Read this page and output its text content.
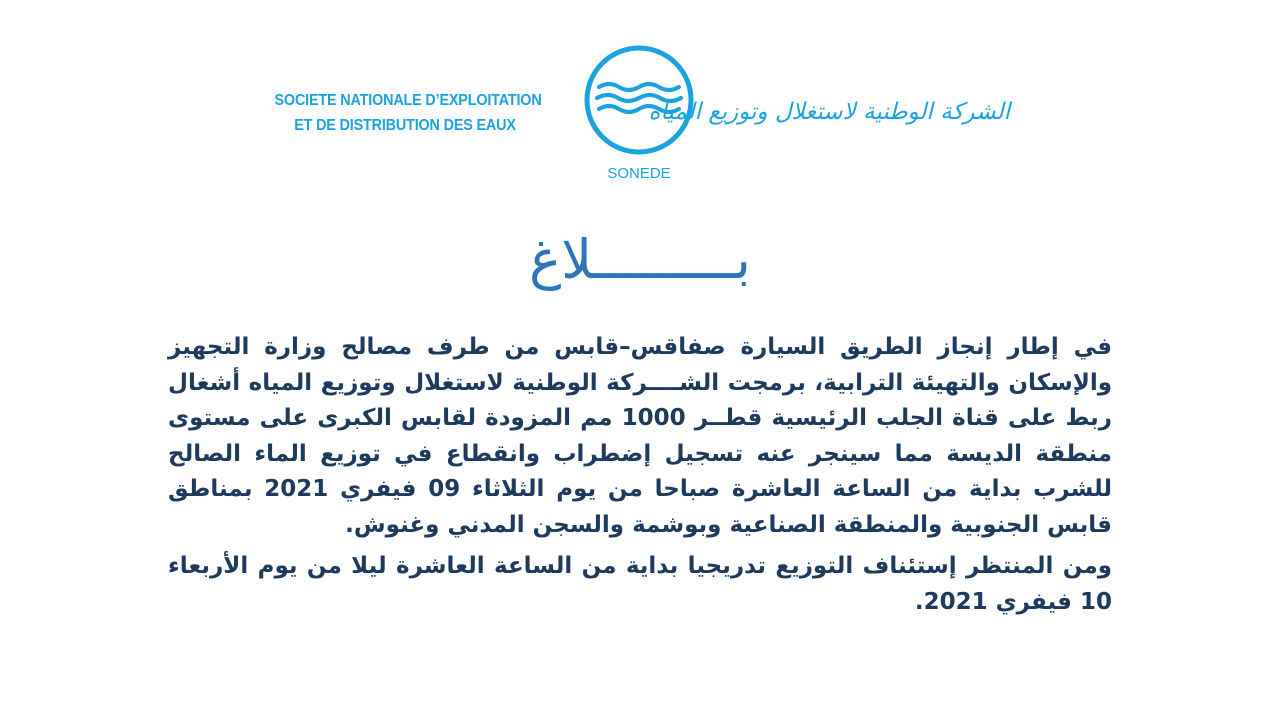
SOCIETE NATIONALE D’EXPLOITATION
ET DE DISTRIBUTION DES EAUX
SONEDE
الشركة الوطنية لاستغلال وتوزيع المياه
بـــــــــلاغ

في إطار إنجاز الطريق السيارة صفاقس–قابس من طرف مصالح وزارة التجهيز والإسكان والتهيئة الترابية، برمجت الشــــركة الوطنية لاستغلال وتوزيع المياه أشغال ربط على قناة الجلب الرئيسية قطــر 1000 مم المزودة لقابس الكبرى على مستوى منطقة الديسة مما سينجر عنه تسجيل إضطراب وانقطاع في توزيع الماء الصالح للشرب بداية من الساعة العاشرة صباحا من يوم الثلاثاء 09 فيفري 2021 بمناطق قابس الجنوبية والمنطقة الصناعية وبوشمة والسجن المدني وغنوش.

ومن المنتظر إستئناف التوزيع تدريجيا بداية من الساعة العاشرة ليلا من يوم الأربعاء 10 فيفري 2021.
